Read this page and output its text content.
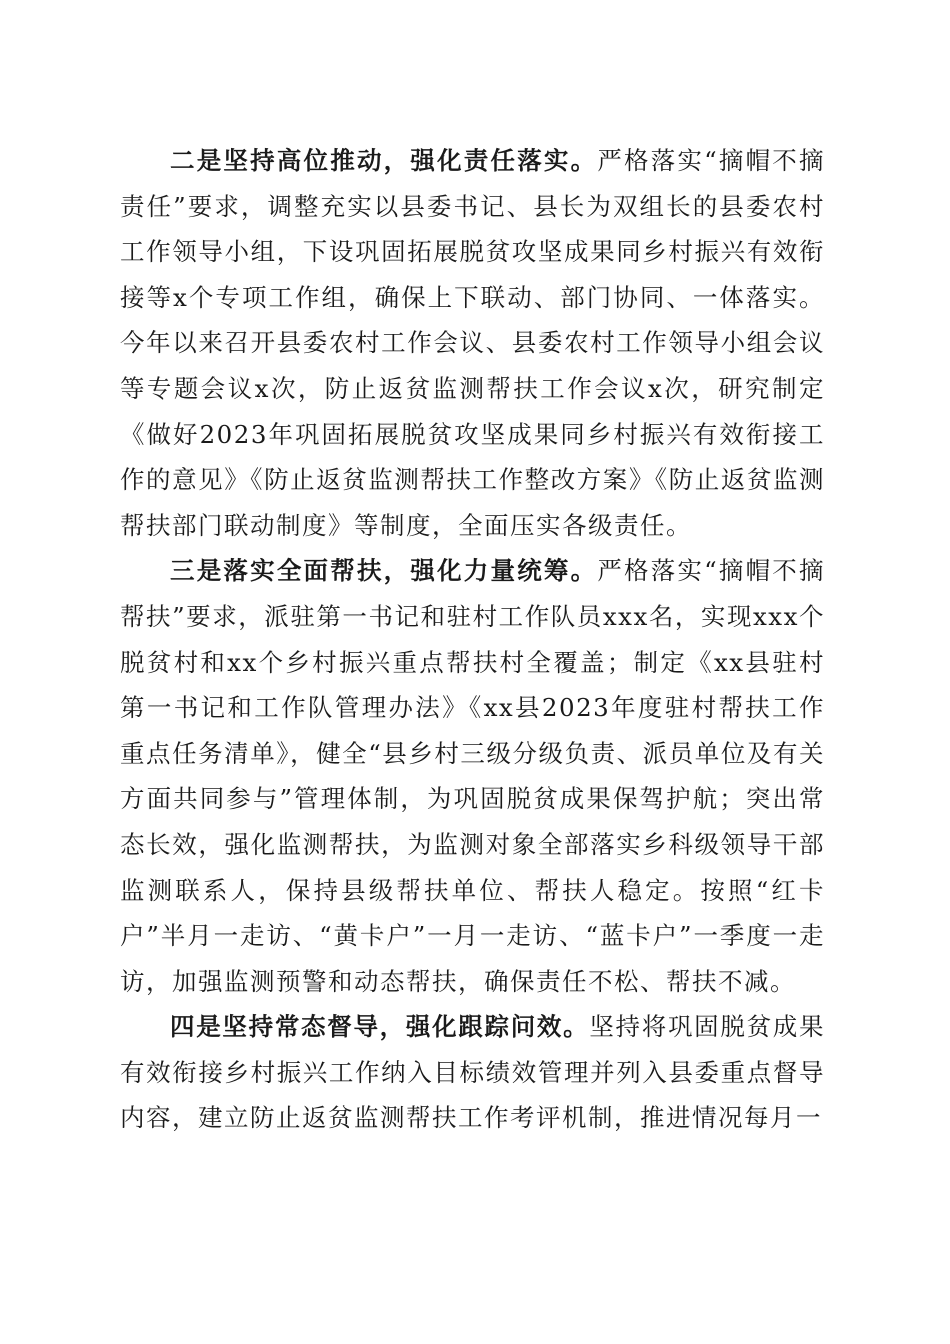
二是坚持高位推动，强化责任落实。严格落实“摘帽不摘责任”要求，调整充实以县委书记、县长为双组长的县委农村工作领导小组，下设巩固拓展脱贫攻坚成果同乡村振兴有效衔接等x个专项工作组，确保上下联动、部门协同、一体落实。今年以来召开县委农村工作会议、县委农村工作领导小组会议等专题会议x次，防止返贫监测帮扶工作会议x次，研究制定《做好2023年巩固拓展脱贫攻坚成果同乡村振兴有效衔接工作的意见》《防止返贫监测帮扶工作整改方案》《防止返贫监测帮扶部门联动制度》等制度，全面压实各级责任。

三是落实全面帮扶，强化力量统筹。严格落实“摘帽不摘帮扶”要求，派驻第一书记和驻村工作队员xxx名，实现xxx个脱贫村和xx个乡村振兴重点帮扶村全覆盖；制定《xx县驻村第一书记和工作队管理办法》《xx县2023年度驻村帮扶工作重点任务清单》，健全“县乡村三级分级负责、派员单位及有关方面共同参与”管理体制，为巩固脱贫成果保驾护航；突出常态长效，强化监测帮扶，为监测对象全部落实乡科级领导干部监测联系人，保持县级帮扶单位、帮扶人稳定。按照“红卡户”半月一走访、“黄卡户”一月一走访、“蓝卡户”一季度一走访，加强监测预警和动态帮扶，确保责任不松、帮扶不减。

四是坚持常态督导，强化跟踪问效。坚持将巩固脱贫成果有效衔接乡村振兴工作纳入目标绩效管理并列入县委重点督导内容，建立防止返贫监测帮扶工作考评机制，推进情况每月一
